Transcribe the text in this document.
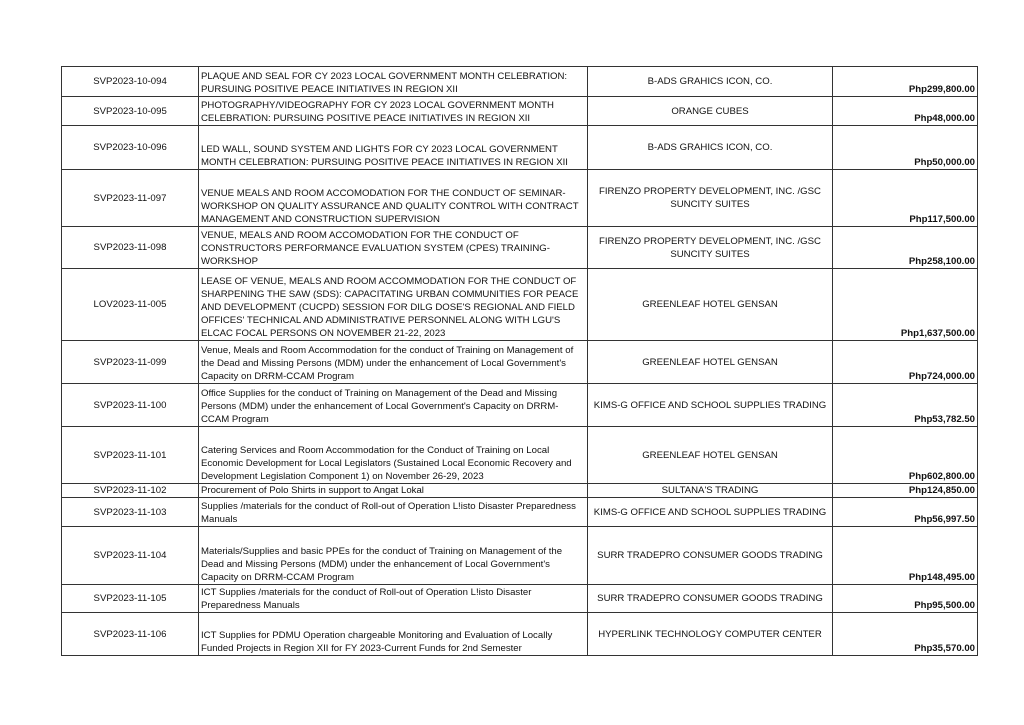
SVP2023-10-094	PLAQUE AND SEAL FOR CY 2023 LOCAL GOVERNMENT MONTH CELEBRATION: PURSUING POSITIVE PEACE INITIATIVES IN REGION XII	B-ADS GRAHICS ICON, CO.	Php299,800.00
SVP2023-10-095	PHOTOGRAPHY/VIDEOGRAPHY FOR CY 2023 LOCAL GOVERNMENT MONTH CELEBRATION: PURSUING POSITIVE PEACE INITIATIVES IN REGION XII	ORANGE CUBES	Php48,000.00
SVP2023-10-096	LED WALL, SOUND SYSTEM AND LIGHTS FOR CY 2023 LOCAL GOVERNMENT MONTH CELEBRATION: PURSUING POSITIVE PEACE INITIATIVES IN REGION XII	B-ADS GRAHICS ICON, CO.	Php50,000.00
SVP2023-11-097	VENUE MEALS AND ROOM ACCOMODATION FOR THE CONDUCT OF SEMINAR-WORKSHOP ON QUALITY ASSURANCE AND QUALITY CONTROL WITH CONTRACT MANAGEMENT AND CONSTRUCTION SUPERVISION	FIRENZO PROPERTY DEVELOPMENT, INC. /GSC SUNCITY SUITES	Php117,500.00
SVP2023-11-098	VENUE, MEALS AND ROOM ACCOMODATION FOR THE CONDUCT OF CONSTRUCTORS PERFORMANCE EVALUATION SYSTEM (CPES) TRAINING-WORKSHOP	FIRENZO PROPERTY DEVELOPMENT, INC. /GSC SUNCITY SUITES	Php258,100.00
LOV2023-11-005	LEASE OF VENUE, MEALS AND ROOM ACCOMMODATION FOR THE CONDUCT OF SHARPENING THE SAW (SDS): CAPACITATING URBAN COMMUNITIES FOR PEACE AND DEVELOPMENT (CUCPD) SESSION FOR DILG DOSE'S REGIONAL AND FIELD OFFICES' TECHNICAL AND ADMINISTRATIVE PERSONNEL ALONG WITH LGU'S ELCAC FOCAL PERSONS ON NOVEMBER 21-22, 2023	GREENLEAF HOTEL GENSAN	Php1,637,500.00
SVP2023-11-099	Venue, Meals and Room Accommodation for the conduct of Training on Management of the Dead and Missing Persons (MDM) under the enhancement of Local Government's Capacity on DRRM-CCAM Program	GREENLEAF HOTEL GENSAN	Php724,000.00
SVP2023-11-100	Office Supplies for the conduct of Training on Management of the Dead and Missing Persons (MDM) under the enhancement of Local Government's Capacity on DRRM-CCAM Program	KIMS-G OFFICE AND SCHOOL SUPPLIES TRADING	Php53,782.50
SVP2023-11-101	Catering Services and Room Accommodation for the Conduct of Training on Local Economic Development for Local Legislators (Sustained Local Economic Recovery and Development Legislation Component 1) on November 26-29, 2023	GREENLEAF HOTEL GENSAN	Php602,800.00
SVP2023-11-102	Procurement of Polo Shirts in support to Angat Lokal	SULTANA'S TRADING	Php124,850.00
SVP2023-11-103	Supplies /materials for the conduct of Roll-out of Operation L!isto Disaster Preparedness Manuals	KIMS-G OFFICE AND SCHOOL SUPPLIES TRADING	Php56,997.50
SVP2023-11-104	Materials/Supplies and basic PPEs for the conduct of Training on Management of the Dead and Missing Persons (MDM) under the enhancement of Local Government's Capacity on DRRM-CCAM Program	SURR TRADEPRO CONSUMER GOODS TRADING	Php148,495.00
SVP2023-11-105	ICT Supplies /materials for the conduct of Roll-out of Operation L!isto Disaster Preparedness Manuals	SURR TRADEPRO CONSUMER GOODS TRADING	Php95,500.00
SVP2023-11-106	ICT Supplies for PDMU Operation chargeable Monitoring and Evaluation of Locally Funded Projects in Region XII for FY 2023-Current Funds for 2nd Semester	HYPERLINK TECHNOLOGY COMPUTER CENTER	Php35,570.00
